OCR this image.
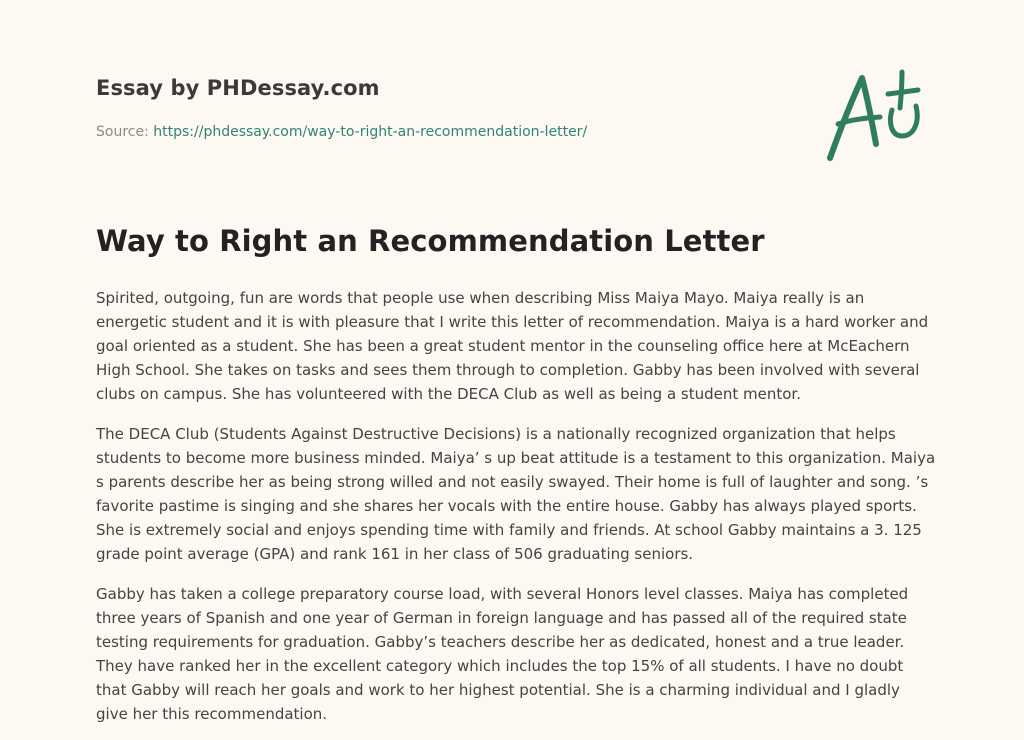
Essay by PHDessay.com

Source: https://phdessay.com/way-to-right-an-recommendation-letter/

Way to Right an Recommendation Letter

Spirited, outgoing, fun are words that people use when describing Miss Maiya Mayo. Maiya really is an energetic student and it is with pleasure that I write this letter of recommendation. Maiya is a hard worker and goal oriented as a student. She has been a great student mentor in the counseling office here at McEachern High School. She takes on tasks and sees them through to completion. Gabby has been involved with several clubs on campus. She has volunteered with the DECA Club as well as being a student mentor.

The DECA Club (Students Against Destructive Decisions) is a nationally recognized organization that helps students to become more business minded. Maiya’ s up beat attitude is a testament to this organization. Maiya s parents describe her as being strong willed and not easily swayed. Their home is full of laughter and song. ’s favorite pastime is singing and she shares her vocals with the entire house. Gabby has always played sports. She is extremely social and enjoys spending time with family and friends. At school Gabby maintains a 3. 125 grade point average (GPA) and rank 161 in her class of 506 graduating seniors.

Gabby has taken a college preparatory course load, with several Honors level classes. Maiya has completed three years of Spanish and one year of German in foreign language and has passed all of the required state testing requirements for graduation. Gabby’s teachers describe her as dedicated, honest and a true leader. They have ranked her in the excellent category which includes the top 15% of all students. I have no doubt that Gabby will reach her goals and work to her highest potential. She is a charming individual and I gladly give her this recommendation.
